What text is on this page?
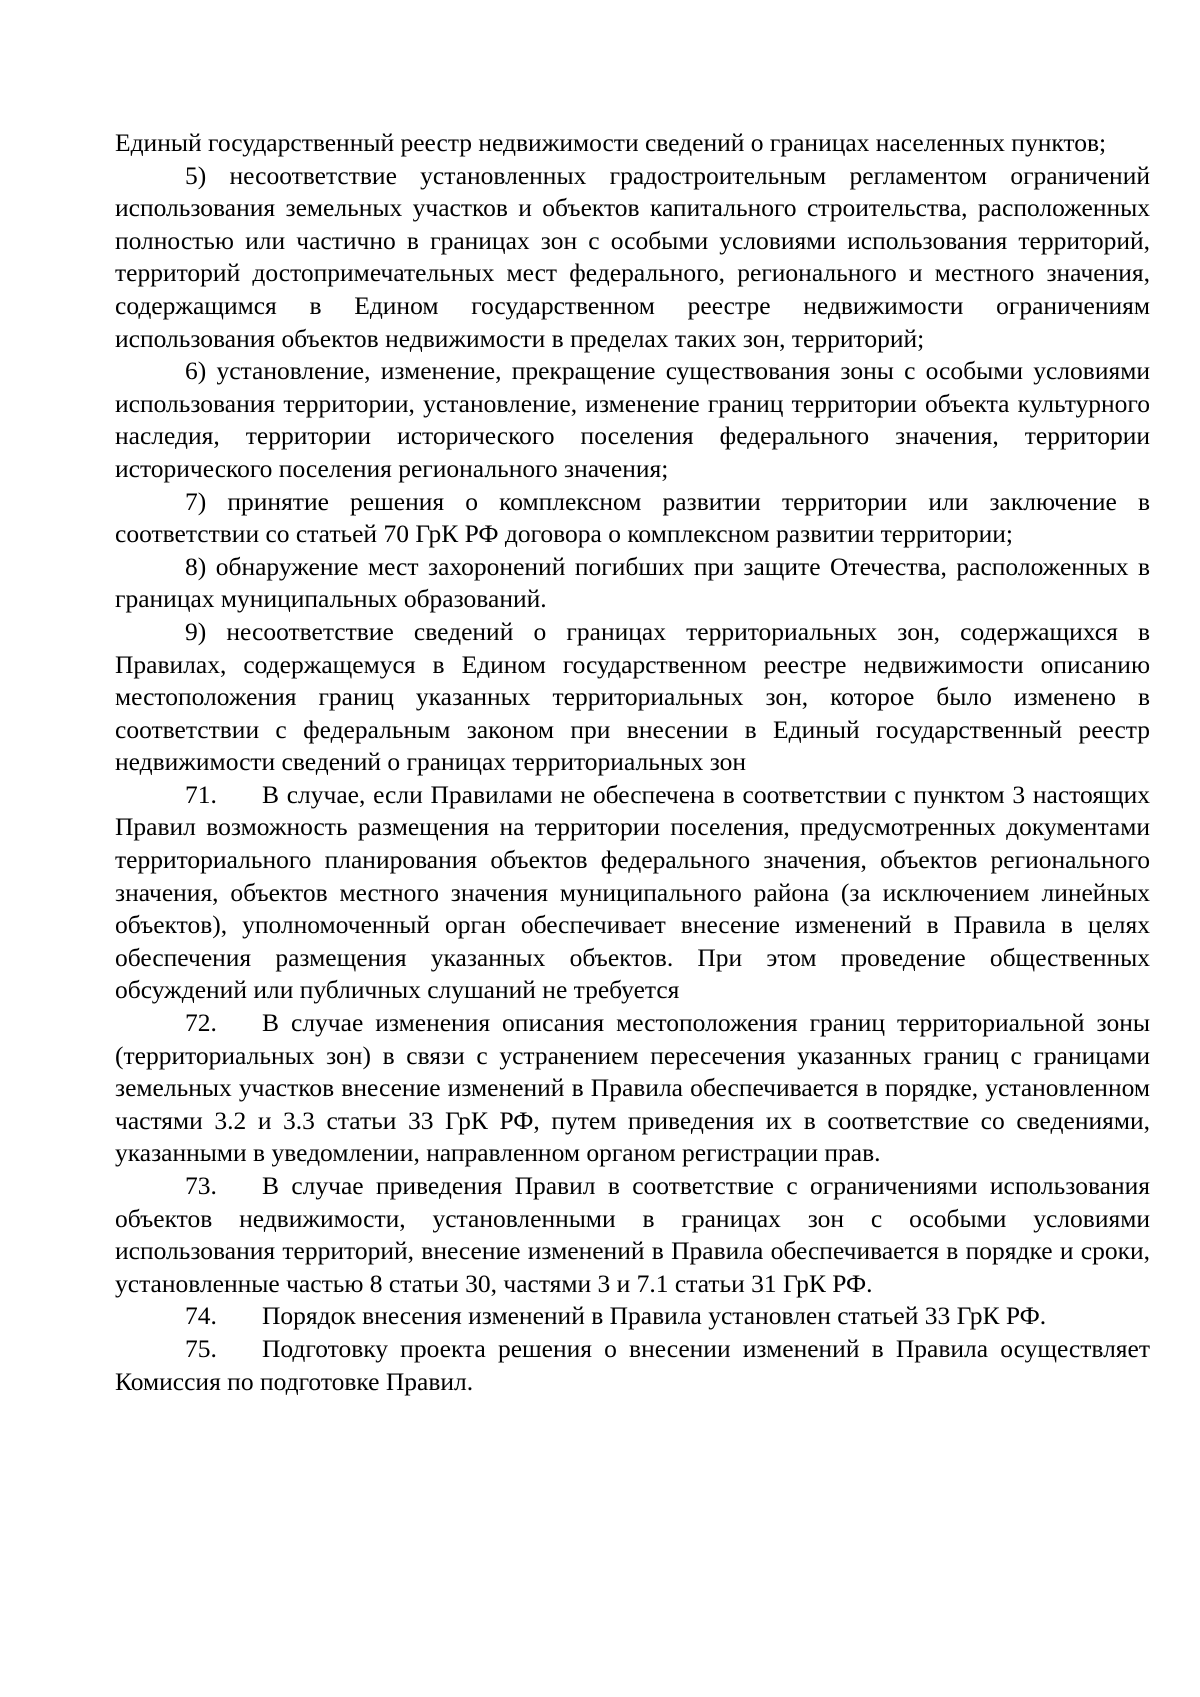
Единый государственный реестр недвижимости сведений о границах населенных пунктов;

5) несоответствие установленных градостроительным регламентом ограничений использования земельных участков и объектов капитального строительства, расположенных полностью или частично в границах зон с особыми условиями использования территорий, территорий достопримечательных мест федерального, регионального и местного значения, содержащимся в Едином государственном реестре недвижимости ограничениям использования объектов недвижимости в пределах таких зон, территорий;

6) установление, изменение, прекращение существования зоны с особыми условиями использования территории, установление, изменение границ территории объекта культурного наследия, территории исторического поселения федерального значения, территории исторического поселения регионального значения;

7) принятие решения о комплексном развитии территории или заключение в соответствии со статьей 70 ГрК РФ договора о комплексном развитии территории;

8) обнаружение мест захоронений погибших при защите Отечества, расположенных в границах муниципальных образований.

9) несоответствие сведений о границах территориальных зон, содержащихся в Правилах, содержащемуся в Едином государственном реестре недвижимости описанию местоположения границ указанных территориальных зон, которое было изменено в соответствии с федеральным законом при внесении в Единый государственный реестр недвижимости сведений о границах территориальных зон

71. В случае, если Правилами не обеспечена в соответствии с пунктом 3 настоящих Правил возможность размещения на территории поселения, предусмотренных документами территориального планирования объектов федерального значения, объектов регионального значения, объектов местного значения муниципального района (за исключением линейных объектов), уполномоченный орган обеспечивает внесение изменений в Правила в целях обеспечения размещения указанных объектов. При этом проведение общественных обсуждений или публичных слушаний не требуется

72. В случае изменения описания местоположения границ территориальной зоны (территориальных зон) в связи с устранением пересечения указанных границ с границами земельных участков внесение изменений в Правила обеспечивается в порядке, установленном частями 3.2 и 3.3 статьи 33 ГрК РФ, путем приведения их в соответствие со сведениями, указанными в уведомлении, направленном органом регистрации прав.

73. В случае приведения Правил в соответствие с ограничениями использования объектов недвижимости, установленными в границах зон с особыми условиями использования территорий, внесение изменений в Правила обеспечивается в порядке и сроки, установленные частью 8 статьи 30, частями 3 и 7.1 статьи 31 ГрК РФ.

74. Порядок внесения изменений в Правила установлен статьей 33 ГрК РФ.

75. Подготовку проекта решения о внесении изменений в Правила осуществляет Комиссия по подготовке Правил.
